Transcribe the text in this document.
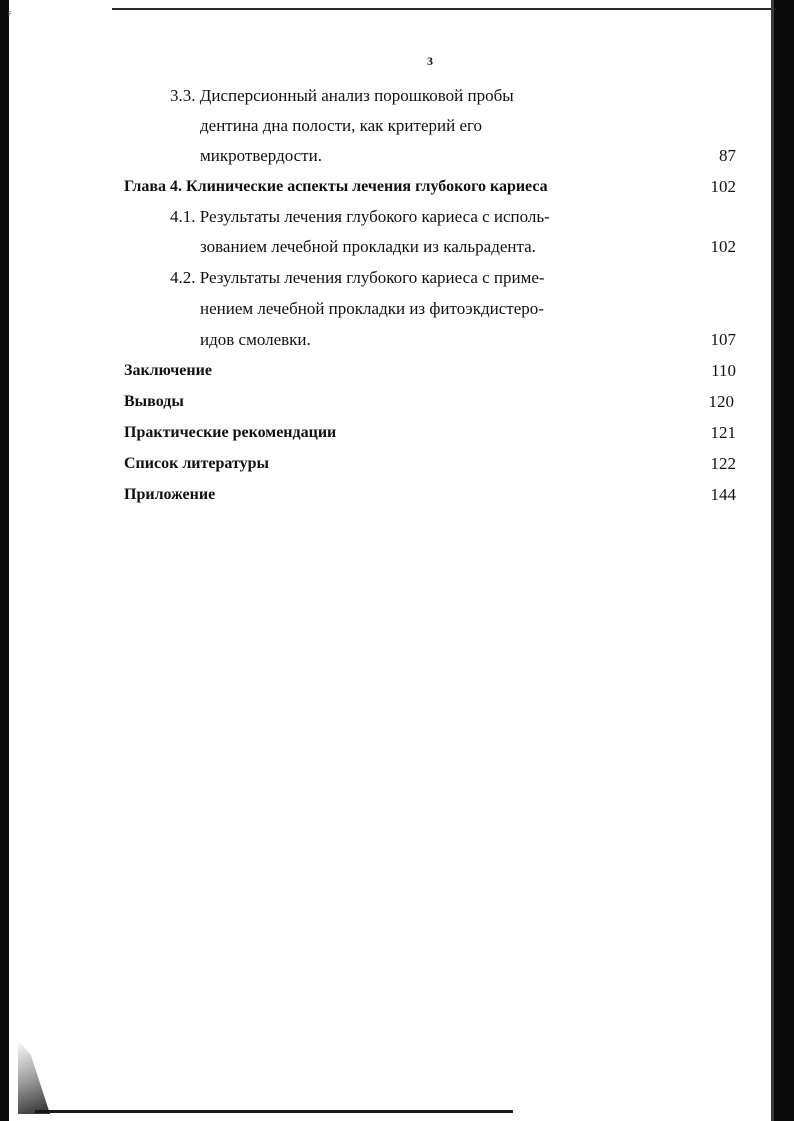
F
3
3.3. Дисперсионный анализ порошковой пробы
дентина дна полости, как критерий его
микротвердости.	87
Глава 4. Клинические аспекты лечения глубокого кариеса	102
4.1. Результаты лечения глубокого кариеса с исполь-
зованием лечебной прокладки из кальрадента.	102
4.2. Результаты лечения глубокого кариеса с приме-
нением лечебной прокладки из фитоэкдистеро-
идов смолевки.	107
Заключение	110
Выводы	120
Практические рекомендации	121
Список литературы	122
Приложение	144
